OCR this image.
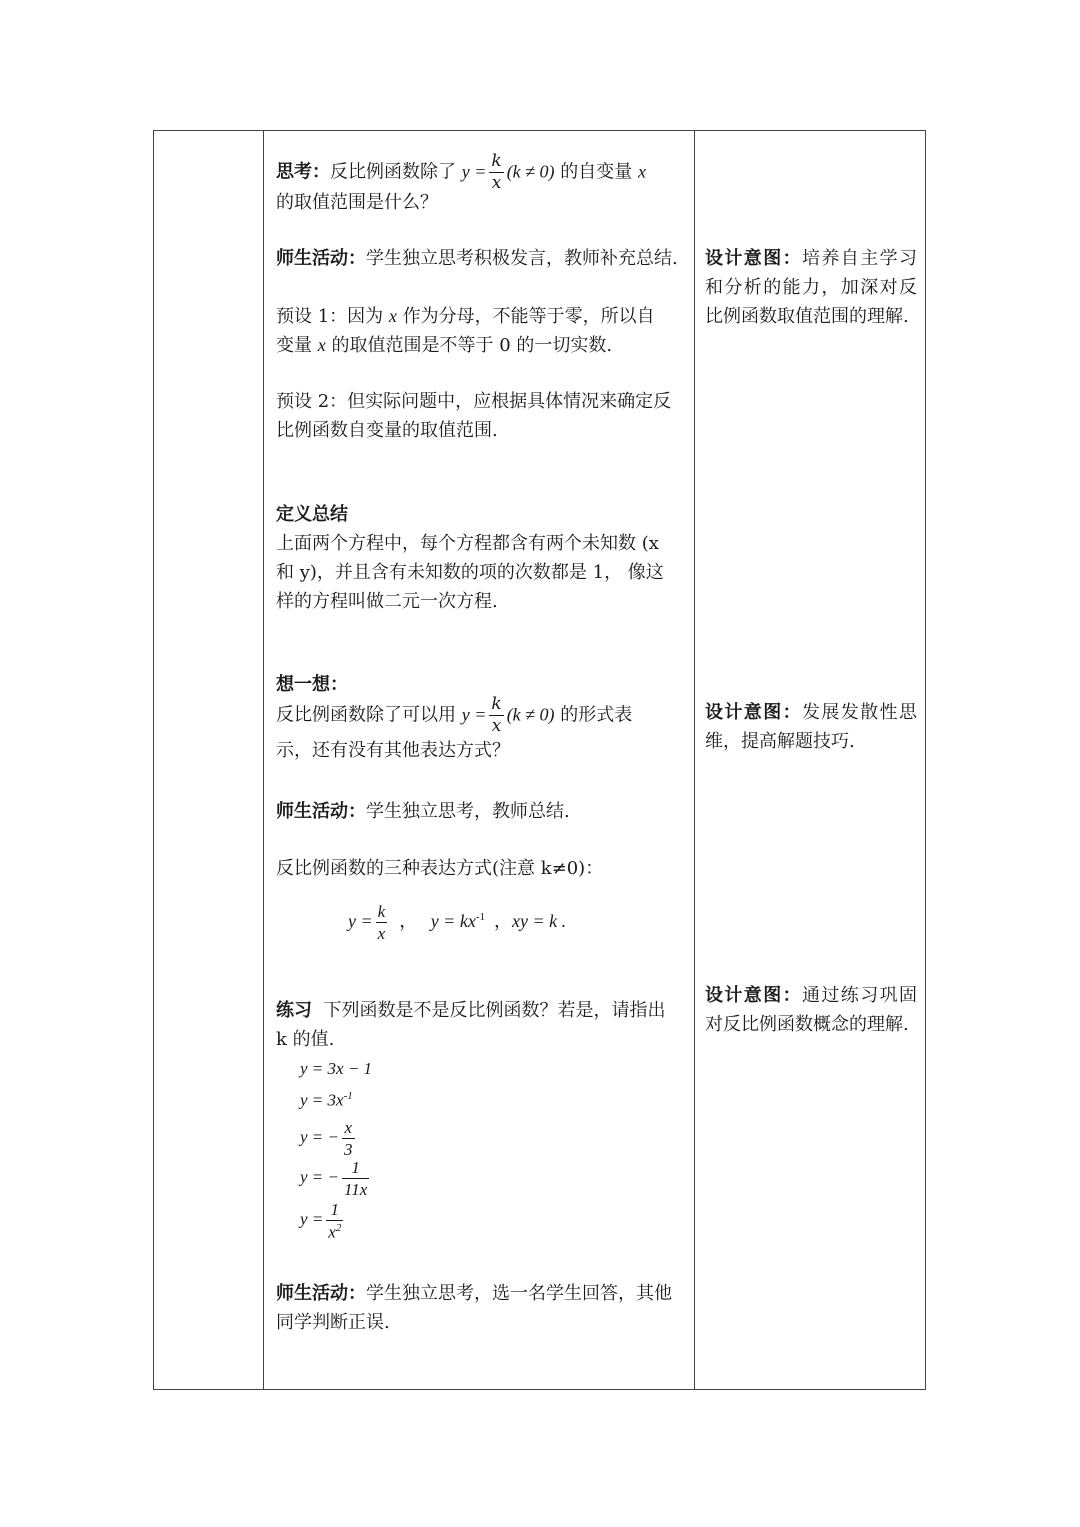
思考：反比例函数除了 $y = \frac{k}{x} (k \ne 0)$ 的自变量 x
的取值范围是什么？
师生活动：学生独立思考积极发言，教师补充总结.
预设 1：因为 x 作为分母，不能等于零，所以自
变量 x 的取值范围是不等于 0 的一切实数.
预设 2：但实际问题中，应根据具体情况来确定反
比例函数自变量的取值范围.
定义总结
上面两个方程中，每个方程都含有两个未知数 (x
和 y)，并且含有未知数的项的次数都是 1， 像这
样的方程叫做二元一次方程.
想一想：
反比例函数除了可以用 $y = \frac{k}{x} (k \ne 0)$ 的形式表
示，还有没有其他表达方式？
师生活动：学生独立思考，教师总结.
反比例函数的三种表达方式(注意 k≠0)：
$y = \frac{k}{x}$ ，   $y = kx^{-1}$  ，xy = k .
练习 下列函数是不是反比例函数？若是，请指出
k 的值.
y = 3x − 1
$y = 3x^{-1}$
y = − $\frac{x}{3}$
y = − $\frac{1}{11x}$
$y = \frac{1}{x^2}$
师生活动：学生独立思考，选一名学生回答，其他
同学判断正误.
设计意图：培养自主学习和分析的能力，加深对反比例函数取值范围的理解.
设计意图：发展发散性思维，提高解题技巧.
设计意图：通过练习巩固对反比例函数概念的理解.
